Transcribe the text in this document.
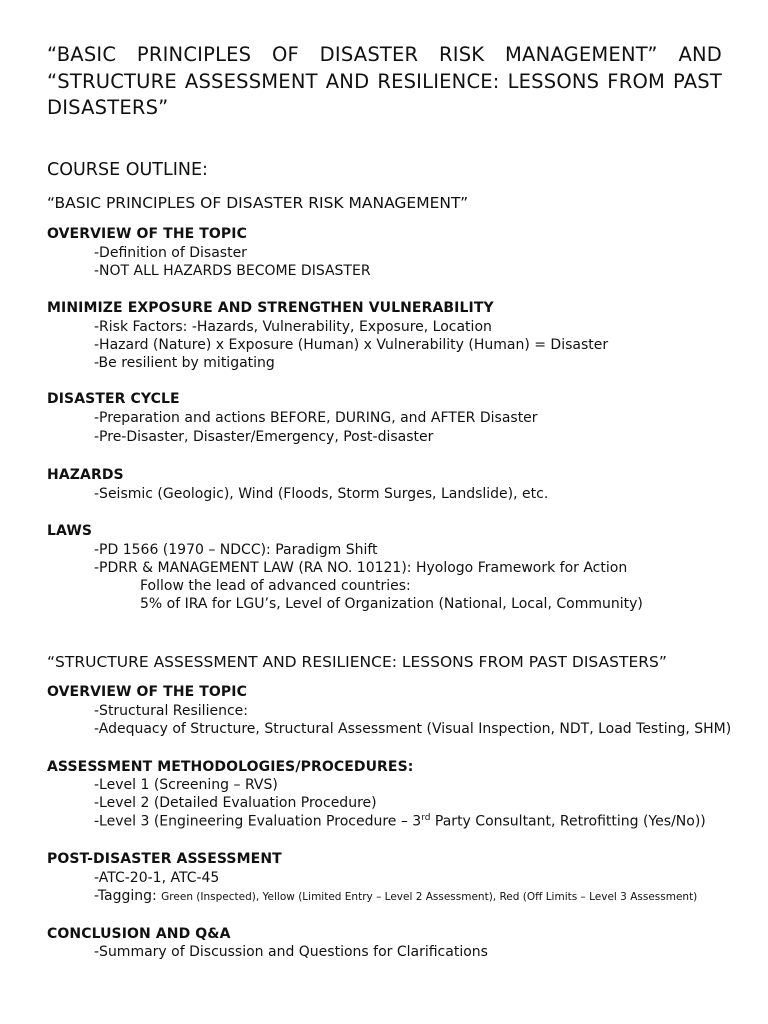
“BASIC PRINCIPLES OF DISASTER RISK MANAGEMENT” AND
“STRUCTURE ASSESSMENT AND RESILIENCE: LESSONS FROM PAST
DISASTERS”
COURSE OUTLINE:
“BASIC PRINCIPLES OF DISASTER RISK MANAGEMENT”
OVERVIEW OF THE TOPIC
-Definition of Disaster
-NOT ALL HAZARDS BECOME DISASTER
MINIMIZE EXPOSURE AND STRENGTHEN VULNERABILITY
-Risk Factors: -Hazards, Vulnerability, Exposure, Location
-Hazard (Nature) x Exposure (Human) x Vulnerability (Human) = Disaster
-Be resilient by mitigating
DISASTER CYCLE
-Preparation and actions BEFORE, DURING, and AFTER Disaster
-Pre-Disaster, Disaster/Emergency, Post-disaster
HAZARDS
-Seismic (Geologic), Wind (Floods, Storm Surges, Landslide), etc.
LAWS
-PD 1566 (1970 – NDCC): Paradigm Shift
-PDRR & MANAGEMENT LAW (RA NO. 10121): Hyologo Framework for Action
Follow the lead of advanced countries:
5% of IRA for LGU’s, Level of Organization (National, Local, Community)
“STRUCTURE ASSESSMENT AND RESILIENCE: LESSONS FROM PAST DISASTERS”
OVERVIEW OF THE TOPIC
-Structural Resilience:
-Adequacy of Structure, Structural Assessment (Visual Inspection, NDT, Load Testing, SHM)
ASSESSMENT METHODOLOGIES/PROCEDURES:
-Level 1 (Screening – RVS)
-Level 2 (Detailed Evaluation Procedure)
-Level 3 (Engineering Evaluation Procedure – 3rd Party Consultant, Retrofitting (Yes/No))
POST-DISASTER ASSESSMENT
-ATC-20-1, ATC-45
-Tagging: Green (Inspected), Yellow (Limited Entry – Level 2 Assessment), Red (Off Limits – Level 3 Assessment)
CONCLUSION AND Q&A
-Summary of Discussion and Questions for Clarifications
